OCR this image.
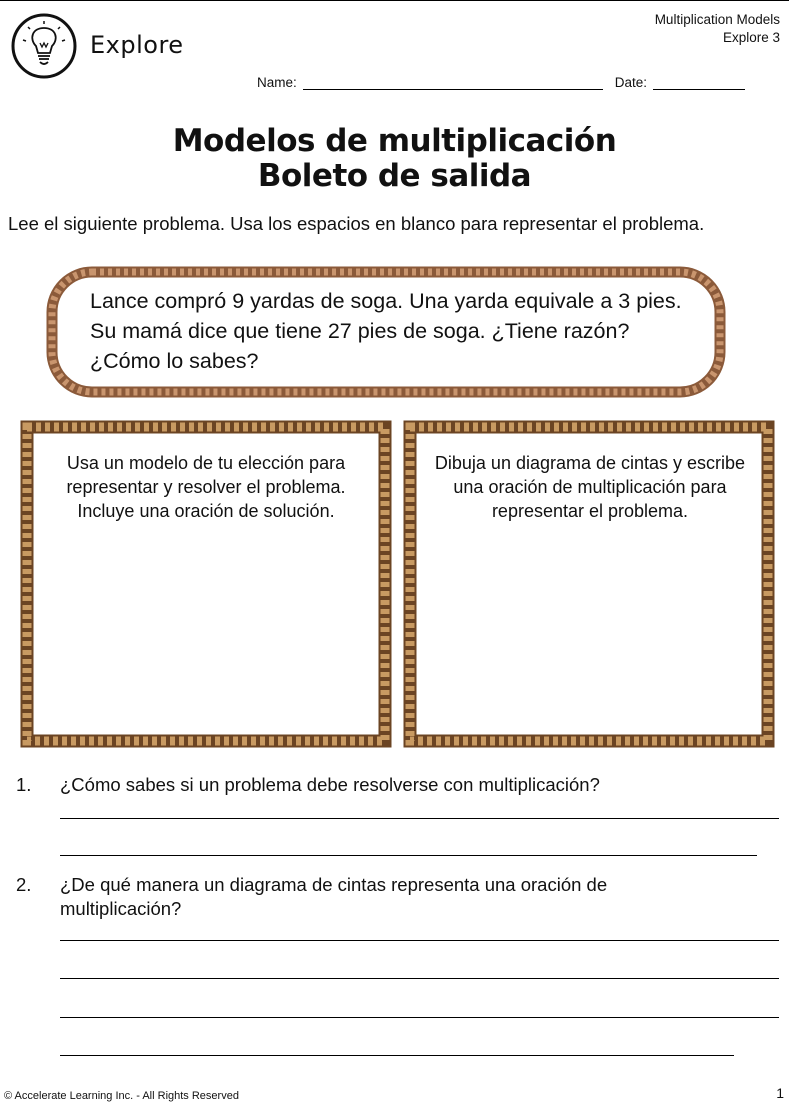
Explore
Multiplication Models
Explore 3
Name:	Date:
Modelos de multiplicación
Boleto de salida
Lee el siguiente problema. Usa los espacios en blanco para representar el problema.
Lance compró 9 yardas de soga. Una yarda equivale a 3 pies. Su mamá dice que tiene 27 pies de soga. ¿Tiene razón? ¿Cómo lo sabes?
Usa un modelo de tu elección para representar y resolver el problema. Incluye una oración de solución.
Dibuja un diagrama de cintas y escribe una oración de multiplicación para representar el problema.
1. ¿Cómo sabes si un problema debe resolverse con multiplicación?
2. ¿De qué manera un diagrama de cintas representa una oración de multiplicación?
© Accelerate Learning Inc. - All Rights Reserved	1
